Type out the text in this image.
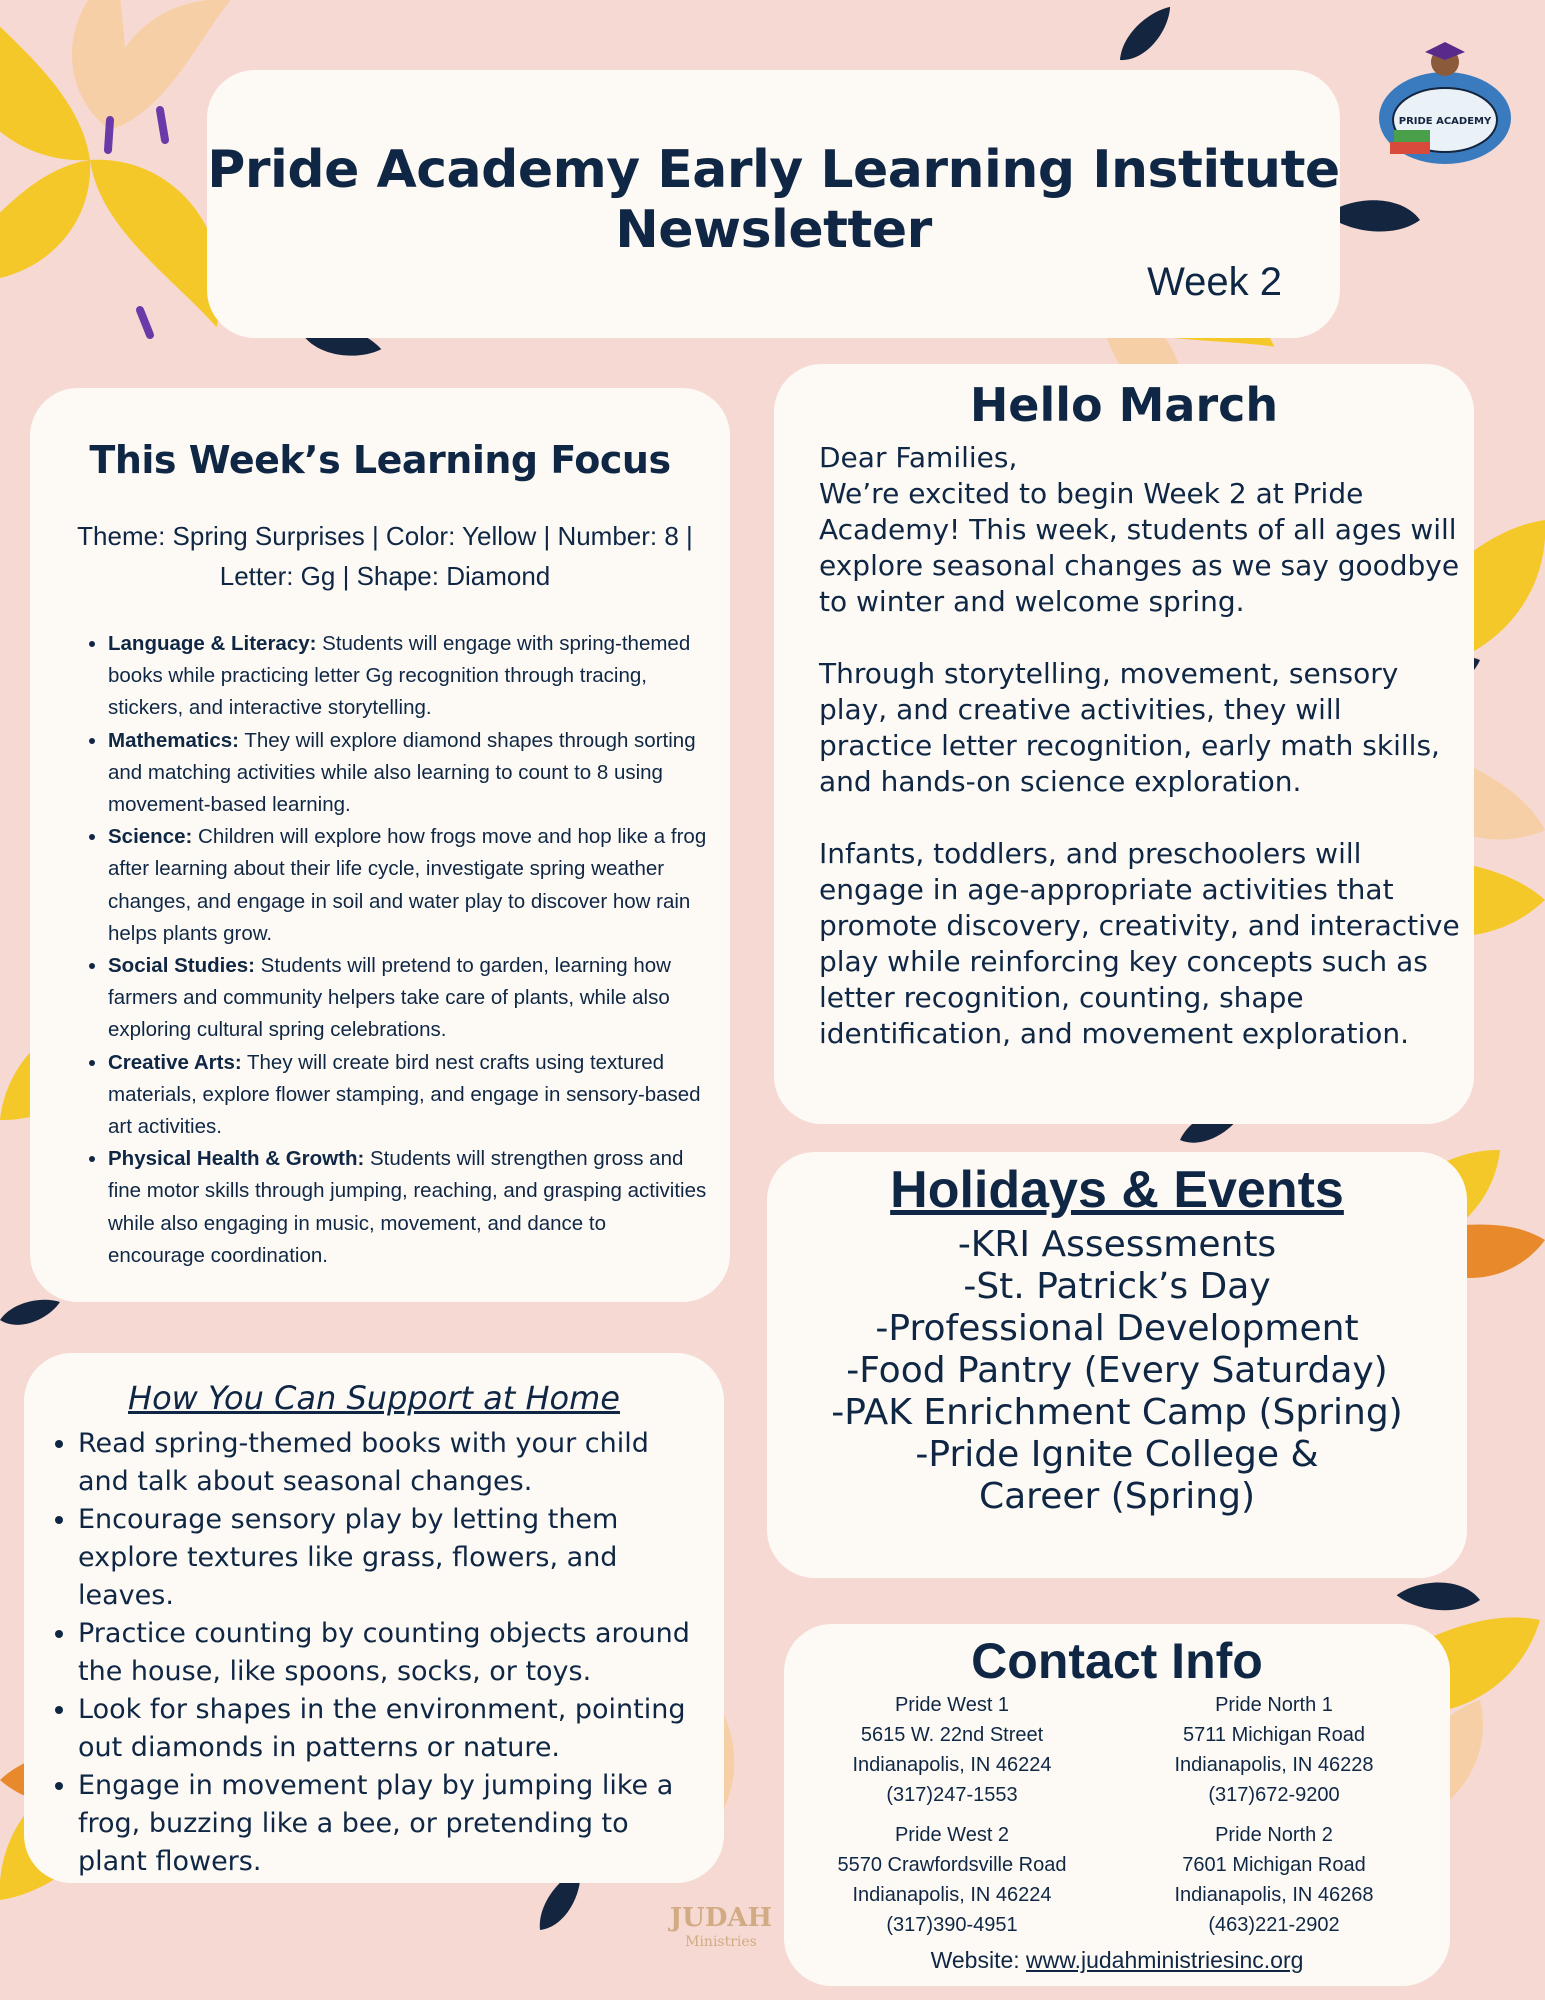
PRIDE ACADEMY
Pride Academy Early Learning Institute
Newsletter
Week 2
This Week’s Learning Focus
Theme: Spring Surprises | Color: Yellow | Number: 8 | Letter: Gg | Shape: Diamond
• Language & Literacy: Students will engage with spring-themed books while practicing letter Gg recognition through tracing, stickers, and interactive storytelling.
• Mathematics: They will explore diamond shapes through sorting and matching activities while also learning to count to 8 using movement-based learning.
• Science: Children will explore how frogs move and hop like a frog after learning about their life cycle, investigate spring weather changes, and engage in soil and water play to discover how rain helps plants grow.
• Social Studies: Students will pretend to garden, learning how farmers and community helpers take care of plants, while also exploring cultural spring celebrations.
• Creative Arts: They will create bird nest crafts using textured materials, explore flower stamping, and engage in sensory-based art activities.
• Physical Health & Growth: Students will strengthen gross and fine motor skills through jumping, reaching, and grasping activities while also engaging in music, movement, and dance to encourage coordination.
Hello March
Dear Families,

We’re excited to begin Week 2 at Pride Academy! This week, students of all ages will explore seasonal changes as we say goodbye to winter and welcome spring.

Through storytelling, movement, sensory play, and creative activities, they will practice letter recognition, early math skills, and hands-on science exploration.

Infants, toddlers, and preschoolers will engage in age-appropriate activities that promote discovery, creativity, and interactive play while reinforcing key concepts such as letter recognition, counting, shape identification, and movement exploration.

Holidays & Events
-KRI Assessments
-St. Patrick’s Day
-Professional Development
-Food Pantry (Every Saturday)
-PAK Enrichment Camp (Spring)
-Pride Ignite College & Career (Spring)
How You Can Support at Home
• Read spring-themed books with your child and talk about seasonal changes.
• Encourage sensory play by letting them explore textures like grass, flowers, and leaves.
• Practice counting by counting objects around the house, like spoons, socks, or toys.
• Look for shapes in the environment, pointing out diamonds in patterns or nature.
• Engage in movement play by jumping like a frog, buzzing like a bee, or pretending to plant flowers.
Contact Info
Pride West 1
5615 W. 22nd Street
Indianapolis, IN 46224
(317)247-1553
Pride North 1
5711 Michigan Road
Indianapolis, IN 46228
(317)672-9200
Pride West 2
5570 Crawfordsville Road
Indianapolis, IN 46224
(317)390-4951
Pride North 2
7601 Michigan Road
Indianapolis, IN 46268
(463)221-2902
Website: www.judahministriesinc.org
JUDAH
Ministries
